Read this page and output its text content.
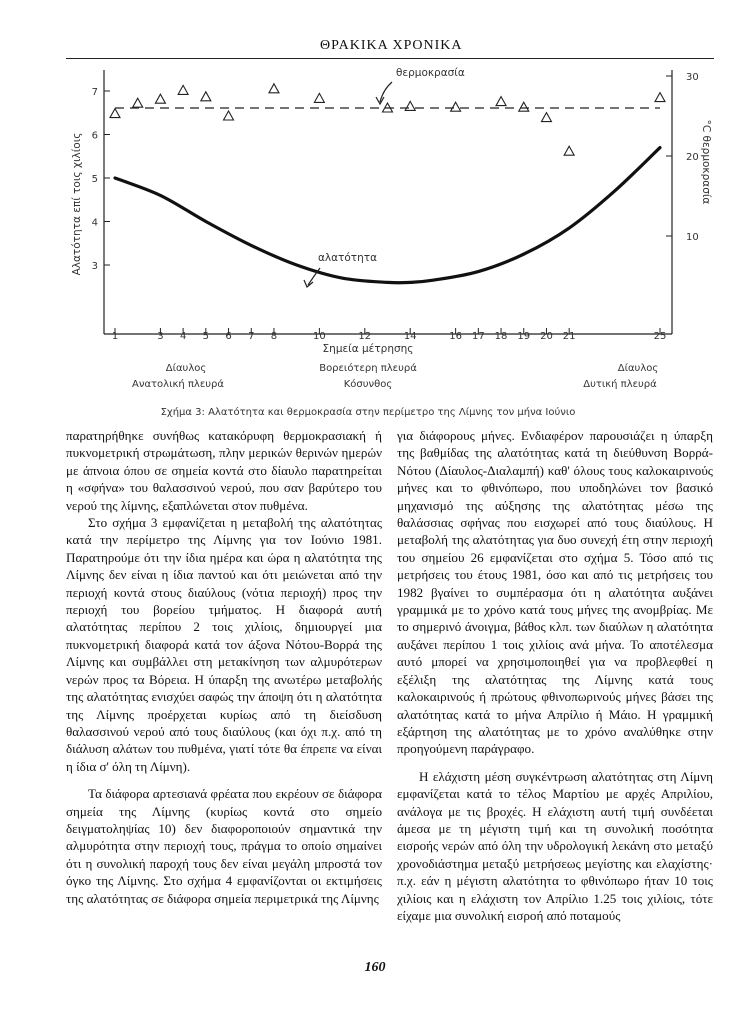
ΘΡΑΚΙΚΑ ΧΡΟΝΙΚΑ
3
4
5
6
7
10
20
30
1	3 4 5 6 7 8	10	12	14	16 17 18 19 20 21	25
Αλατότητα επί τοις χιλίοις	°C θερμοκρασία
Σημεία μέτρησης
θερμοκρασία
αλατότητα
Δίαυλος
Ανατολική πλευρά
Βορειότερη πλευρά
Κόσυνθος
Δίαυλος
Δυτική πλευρά
Σχήμα 3: Αλατότητα και θερμοκρασία στην περίμετρο της Λίμνης τον μήνα Ιούνιο

παρατηρήθηκε συνήθως κατακόρυφη θερμοκρασιακή ή πυκνομετρική στρωμάτωση, πλην μερικών θερινών ημερών με άπνοια όπου σε σημεία κοντά στο δίαυλο παρατηρείται η «σφήνα» του θαλασσινού νερού, που σαν βαρύτερο του νερού της λίμνης, εξαπλώνεται στον πυθμένα.

Στο σχήμα 3 εμφανίζεται η μεταβολή της αλατότητας κατά την περίμετρο της Λίμνης για τον Ιούνιο 1981. Παρατηρούμε ότι την ίδια ημέρα και ώρα η αλατότητα της Λίμνης δεν είναι η ίδια παντού και ότι μειώνεται από την περιοχή κοντά στους διαύλους (νότια περιοχή) προς την περιοχή του βορείου τμήματος. Η διαφορά αυτή αλατότητας περίπου 2 τοις χιλίοις, δημιουργεί μια πυκνομετρική διαφορά κατά τον άξονα Νότου-Βορρά της Λίμνης και συμβάλλει στη μετακίνηση των αλμυρότερων νερών προς τα Βόρεια. Η ύπαρξη της ανωτέρω μεταβολής της αλατότητας ενισχύει σαφώς την άποψη ότι η αλατότητα της Λίμνης προέρχεται κυρίως από τη διείσδυση θαλασσινού νερού από τους διαύλους (και όχι π.χ. από τη διάλυση αλάτων του πυθμένα, γιατί τότε θα έπρεπε να είναι η ίδια σ' όλη τη Λίμνη).

Τα διάφορα αρτεσιανά φρέατα που εκρέουν σε διάφορα σημεία της Λίμνης (κυρίως κοντά στο σημείο δειγματοληψίας 10) δεν διαφοροποιούν σημαντικά την αλμυρότητα στην περιοχή τους, πράγμα το οποίο σημαίνει ότι η συνολική παροχή τους δεν είναι μεγάλη μπροστά τον όγκο της Λίμνης. Στο σχήμα 4 εμφανίζονται οι εκτιμήσεις της αλατότητας σε διάφορα σημεία περιμετρικά της Λίμνης

για διάφορους μήνες. Ενδιαφέρον παρουσιάζει η ύπαρξη της βαθμίδας της αλατότητας κατά τη διεύθυνση Βορρά-Νότου (Δίαυλος-Διαλαμπή) καθ' όλους τους καλοκαιρινούς μήνες και το φθινόπωρο, που υποδηλώνει τον βασικό μηχανισμό της αύξησης της αλατότητας μέσω της θαλάσσιας σφήνας που εισχωρεί από τους διαύλους. Η μεταβολή της αλατότητας για δυο συνεχή έτη στην περιοχή του σημείου 26 εμφανίζεται στο σχήμα 5. Τόσο από τις μετρήσεις του έτους 1981, όσο και από τις μετρήσεις του 1982 βγαίνει το συμπέρασμα ότι η αλατότητα αυξάνει γραμμικά με το χρόνο κατά τους μήνες της ανομβρίας. Με το σημερινό άνοιγμα, βάθος κλπ. των διαύλων η αλατότητα αυξάνει περίπου 1 τοις χιλίοις ανά μήνα. Το αποτέλεσμα αυτό μπορεί να χρησιμοποιηθεί για να προβλεφθεί η εξέλιξη της αλατότητας της Λίμνης κατά τους καλοκαιρινούς ή πρώτους φθινοπωρινούς μήνες βάσει της αλατότητας κατά το μήνα Απρίλιο ή Μάιο. Η γραμμική εξάρτηση της αλατότητας με το χρόνο αναλύθηκε στην προηγούμενη παράγραφο.

Η ελάχιστη μέση συγκέντρωση αλατότητας στη Λίμνη εμφανίζεται κατά το τέλος Μαρτίου με αρχές Απριλίου, ανάλογα με τις βροχές. Η ελάχιστη αυτή τιμή συνδέεται άμεσα με τη μέγιστη τιμή και τη συνολική ποσότητα εισροής νερών από όλη την υδρολογική λεκάνη στο μεταξύ χρονοδιάστημα μεταξύ μετρήσεως μεγίστης και ελαχίστης· π.χ. εάν η μέγιστη αλατότητα το φθινόπωρο ήταν 10 τοις χιλίοις και η ελάχιστη τον Απρίλιο 1.25 τοις χιλίοις, τότε είχαμε μια συνολική εισροή από ποταμούς

160
